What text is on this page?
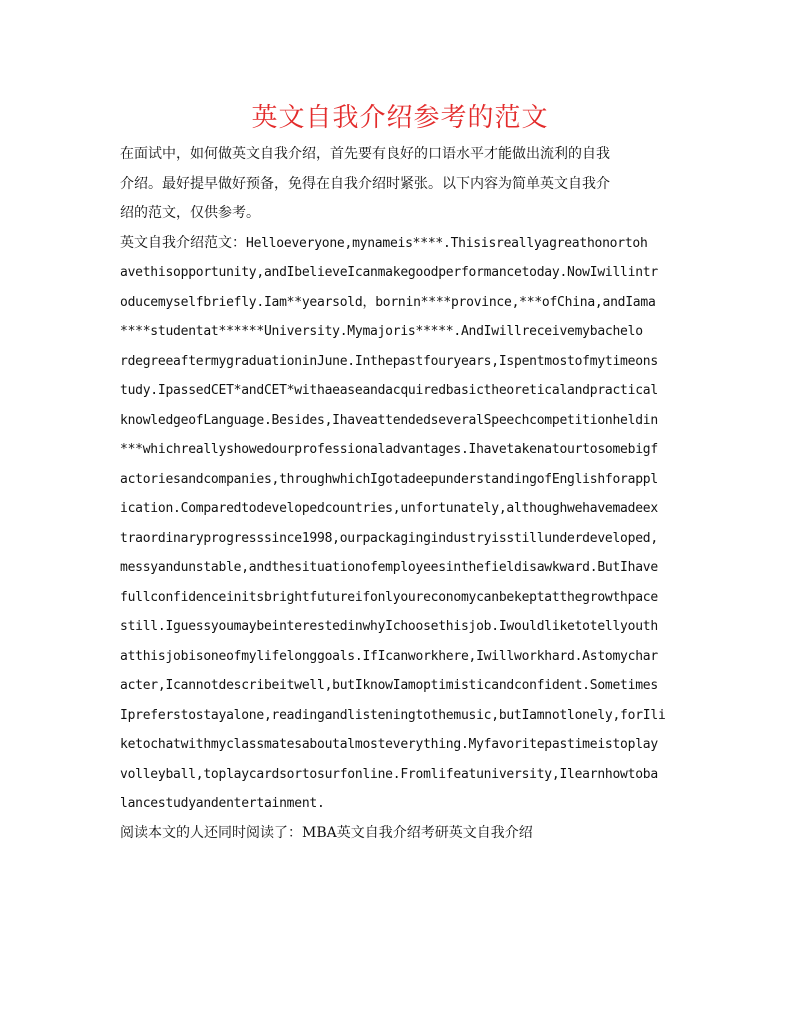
英文自我介绍参考的范文

在面试中，如何做英文自我介绍，首先要有良好的口语水平才能做出流利的自我
介绍。最好提早做好预备，免得在自我介绍时紧张。以下内容为简单英文自我介
绍的范文，仅供参考。

英文自我介绍范文：Helloeveryone,mynameis****.Thisisreallyagreathonortoh
avethisopportunity,andIbelieveIcanmakegoodperformancetoday.NowIwillintr
oducemyselfbriefly.Iam**yearsold，bornin****province,***ofChina,andIama
****studentat******University.Mymajoris*****.AndIwillreceivemybachelo
rdegreeaftermygraduationinJune.Inthepastfouryears,Ispentmostofmytimeons
tudy.IpassedCET*andCET*withaeaseandacquiredbasictheoreticalandpractical
knowledgeofLanguage.Besides,IhaveattendedseveralSpeechcompetitionheldin
***whichreallyshowedourprofessionaladvantages.Ihavetakenatourtosomebigf
actoriesandcompanies,throughwhichIgotadeepunderstandingofEnglishforappl
ication.Comparedtodevelopedcountries,unfortunately,althoughwehavemadeex
traordinaryprogresssince1998,ourpackagingindustryisstillunderdeveloped,
messyandunstable,andthesituationofemployeesinthefieldisawkward.ButIhave
fullconfidenceinitsbrightfutureifonlyoureconomycanbekeptatthegrowthpace
still.IguessyoumaybeinterestedinwhyIchoosethisjob.Iwouldliketotellyouth
atthisjobisoneofmylifelonggoals.IfIcanworkhere,Iwillworkhard.Astomychar
acter,Icannotdescribeitwell,butIknowIamoptimisticandconfident.Sometimes
Ipreferstostayalone,readingandlisteningtothemusic,butIamnotlonely,forIli
ketochatwithmyclassmatesaboutalmosteverything.Myfavoritepastimeistoplay
volleyball,toplaycardsortosurfonline.Fromlifeatuniversity,Ilearnhowtoba
lancestudyandentertainment.

阅读本文的人还同时阅读了：MBA英文自我介绍考研英文自我介绍
